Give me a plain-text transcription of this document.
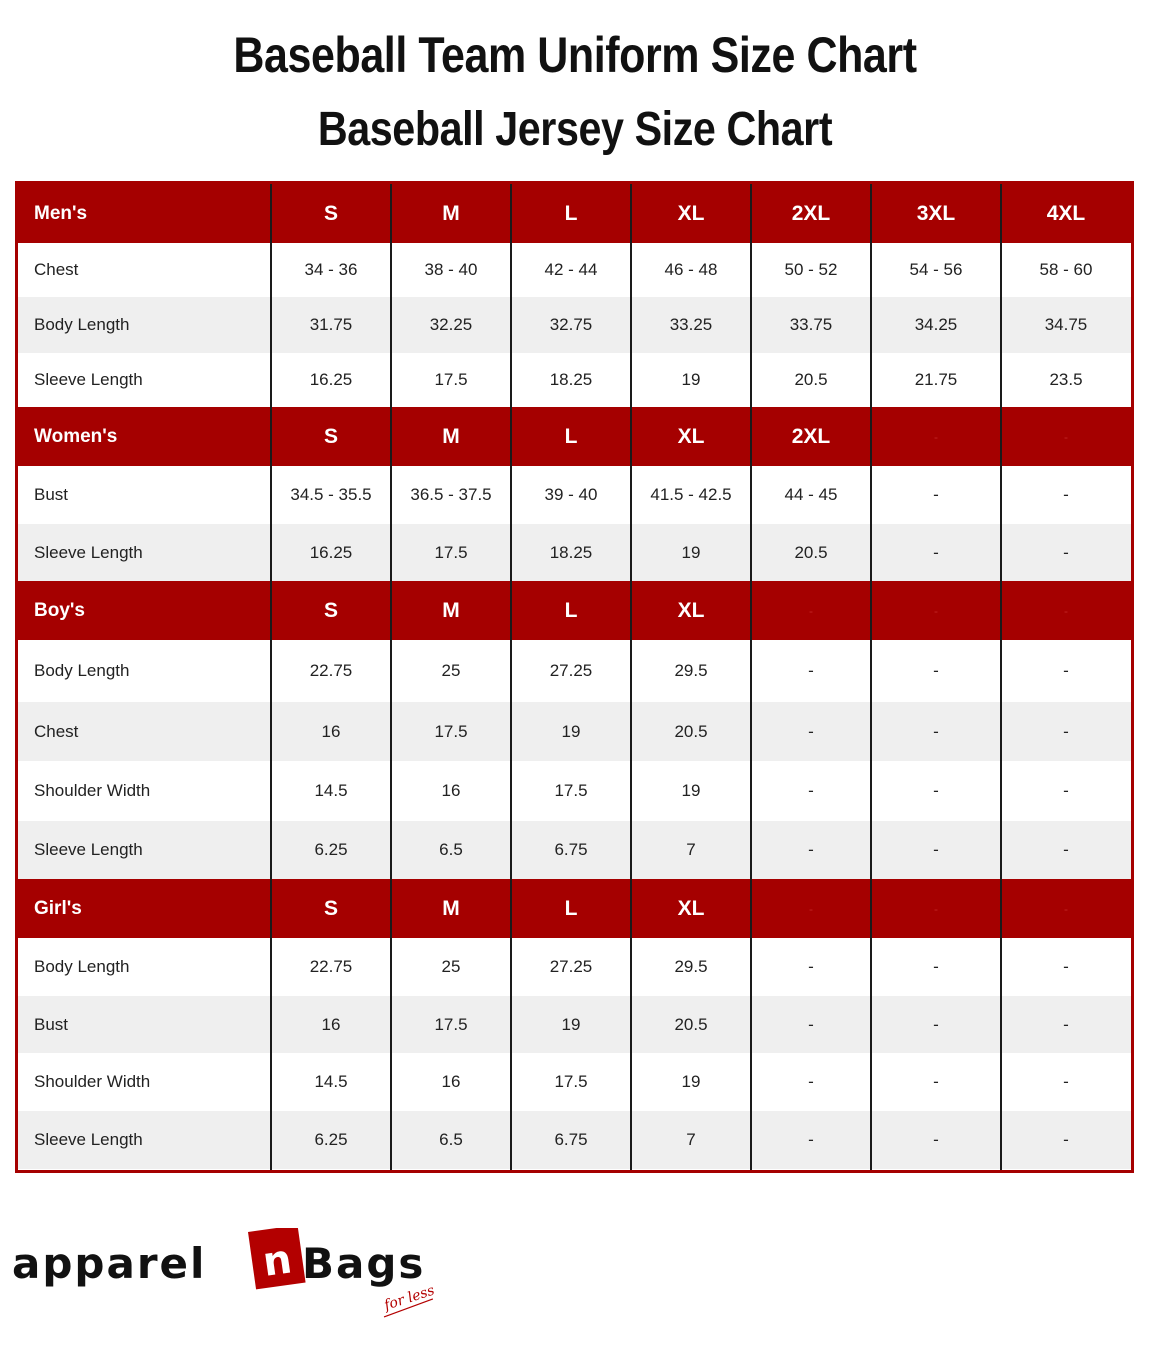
Baseball Team Uniform Size Chart
Baseball Jersey Size Chart
Men's	S	M	L	XL	2XL	3XL	4XL
Chest	34 - 36	38 - 40	42 - 44	46 - 48	50 - 52	54 - 56	58 - 60
Body Length	31.75	32.25	32.75	33.25	33.75	34.25	34.75
Sleeve Length	16.25	17.5	18.25	19	20.5	21.75	23.5
Women's	S	M	L	XL	2XL	-	-
Bust	34.5 - 35.5	36.5 - 37.5	39 - 40	41.5 - 42.5	44 - 45	-	-
Sleeve Length	16.25	17.5	18.25	19	20.5	-	-
Boy's	S	M	L	XL	-	-	-
Body Length	22.75	25	27.25	29.5	-	-	-
Chest	16	17.5	19	20.5	-	-	-
Shoulder Width	14.5	16	17.5	19	-	-	-
Sleeve Length	6.25	6.5	6.75	7	-	-	-
Girl's	S	M	L	XL	-	-	-
Body Length	22.75	25	27.25	29.5	-	-	-
Bust	16	17.5	19	20.5	-	-	-
Shoulder Width	14.5	16	17.5	19	-	-	-
Sleeve Length	6.25	6.5	6.75	7	-	-	-
apparel n Bags
for less
